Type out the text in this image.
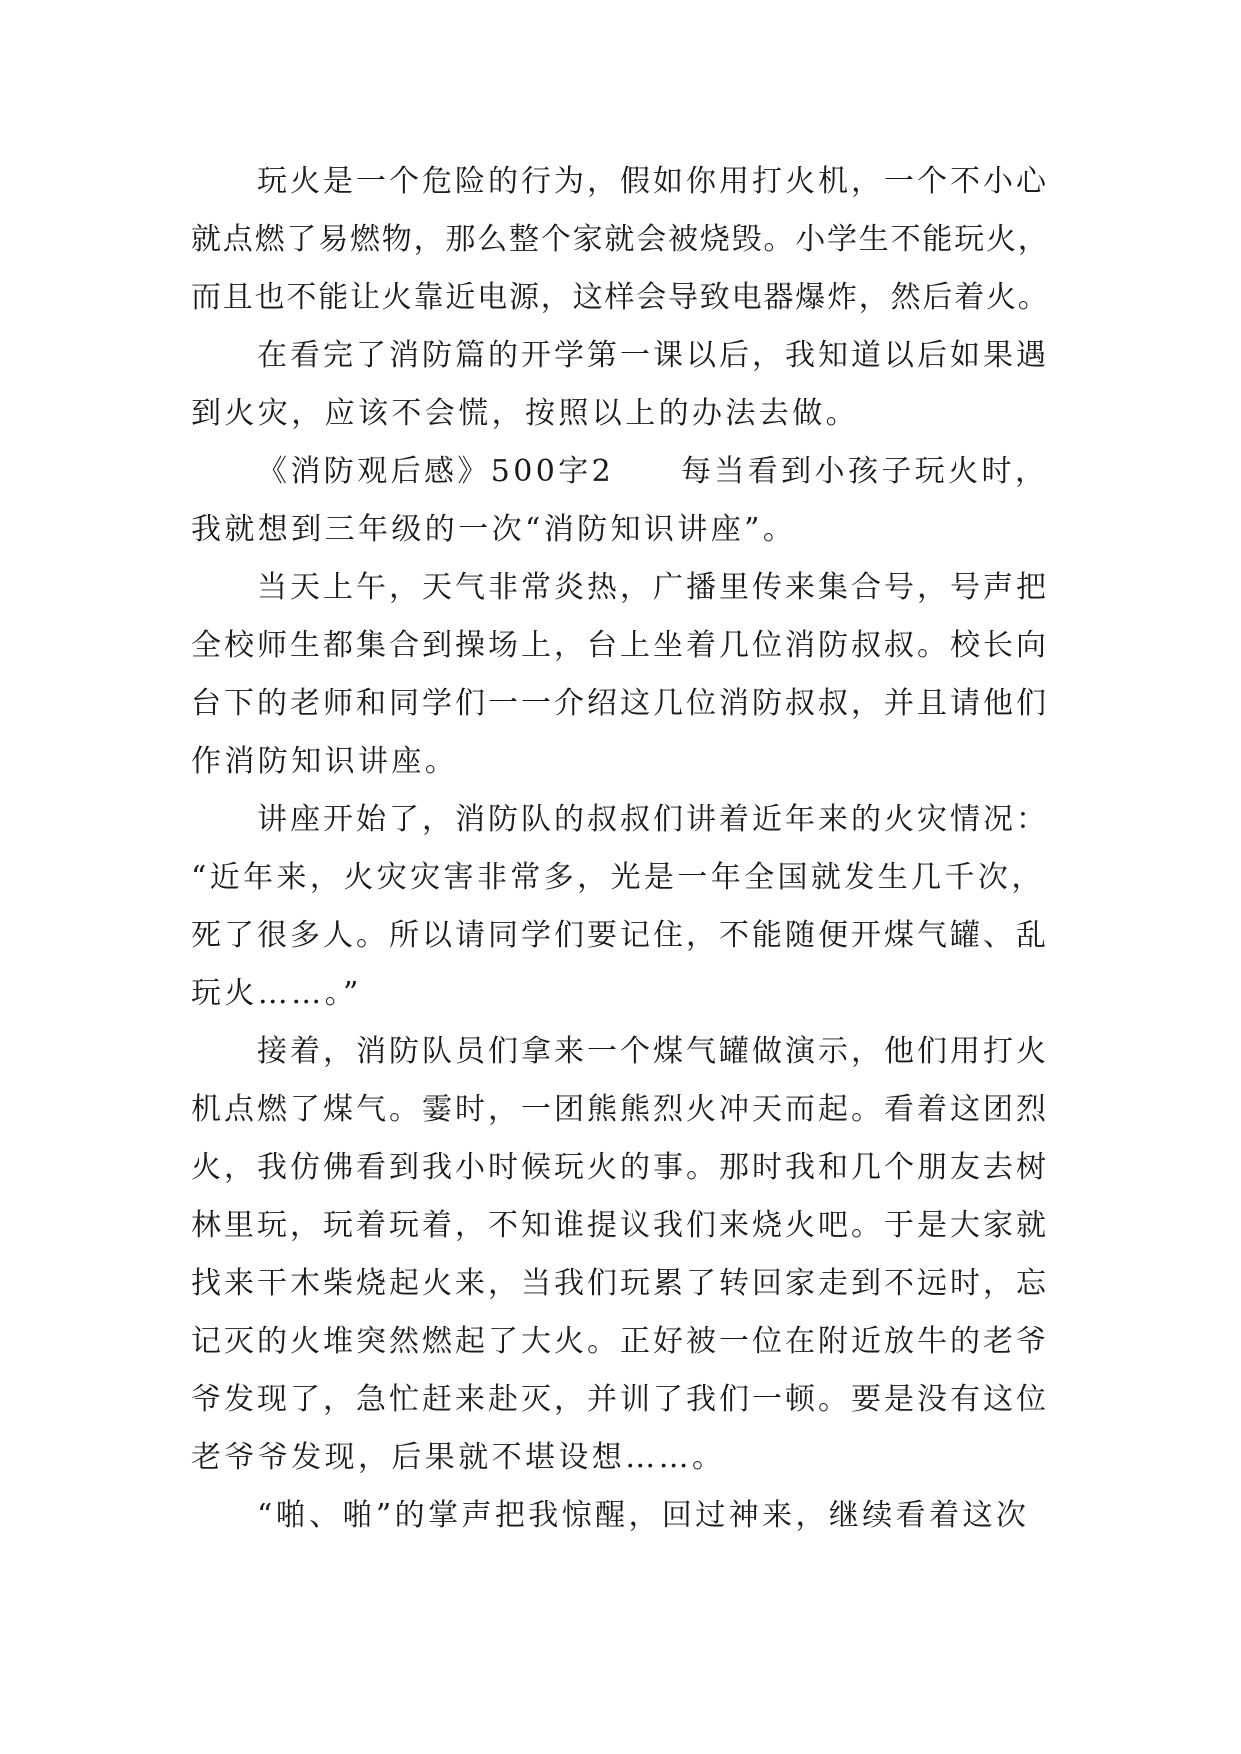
玩火是一个危险的行为，假如你用打火机，一个不小心
就点燃了易燃物，那么整个家就会被烧毁。小学生不能玩火，
而且也不能让火靠近电源，这样会导致电器爆炸，然后着火。
在看完了消防篇的开学第一课以后，我知道以后如果遇
到火灾，应该不会慌，按照以上的办法去做。
《消防观后感》500字2　　每当看到小孩子玩火时，
我就想到三年级的一次“消防知识讲座”。
当天上午，天气非常炎热，广播里传来集合号，号声把
全校师生都集合到操场上，台上坐着几位消防叔叔。校长向
台下的老师和同学们一一介绍这几位消防叔叔，并且请他们
作消防知识讲座。
讲座开始了，消防队的叔叔们讲着近年来的火灾情况：
“近年来，火灾灾害非常多，光是一年全国就发生几千次，
死了很多人。所以请同学们要记住，不能随便开煤气罐、乱
玩火……。”
接着，消防队员们拿来一个煤气罐做演示，他们用打火
机点燃了煤气。霎时，一团熊熊烈火冲天而起。看着这团烈
火，我仿佛看到我小时候玩火的事。那时我和几个朋友去树
林里玩，玩着玩着，不知谁提议我们来烧火吧。于是大家就
找来干木柴烧起火来，当我们玩累了转回家走到不远时，忘
记灭的火堆突然燃起了大火。正好被一位在附近放牛的老爷
爷发现了，急忙赶来赴灭，并训了我们一顿。要是没有这位
老爷爷发现，后果就不堪设想……。
“啪、啪”的掌声把我惊醒，回过神来，继续看着这次
